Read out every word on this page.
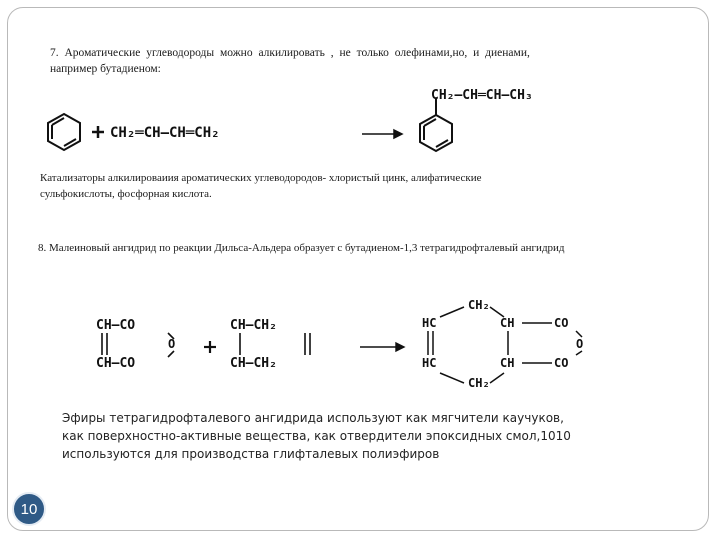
7. Ароматические углеводороды можно алкилировать , не только олефинами,но, и диенами,
например бутадиеном:
CH₂═CH—CH═CH₂
CH₂—CH═CH—CH₃
Катализаторы алкилироваиия ароматических углеводородов- хлористый цинк, алифатические
сульфокислоты, фосфорная кислота.
8. Малеиновый ангидрид по реакции Дильса-Альдера образует с бутадиеном-1,3 тетрагидрофталевый ангидрид
CH—CO
CH—CO
O
CH—CH₂
CH—CH₂
CH₂
HC	CH
HC	CH
CH₂
CO
CO
O
Эфиры тетрагидрофталевого ангидрида используют как мягчители каучуков,
как поверхностно-активные вещества, как отвердители эпоксидных смол,1010
используются для производства глифталевых полиэфиров
10
